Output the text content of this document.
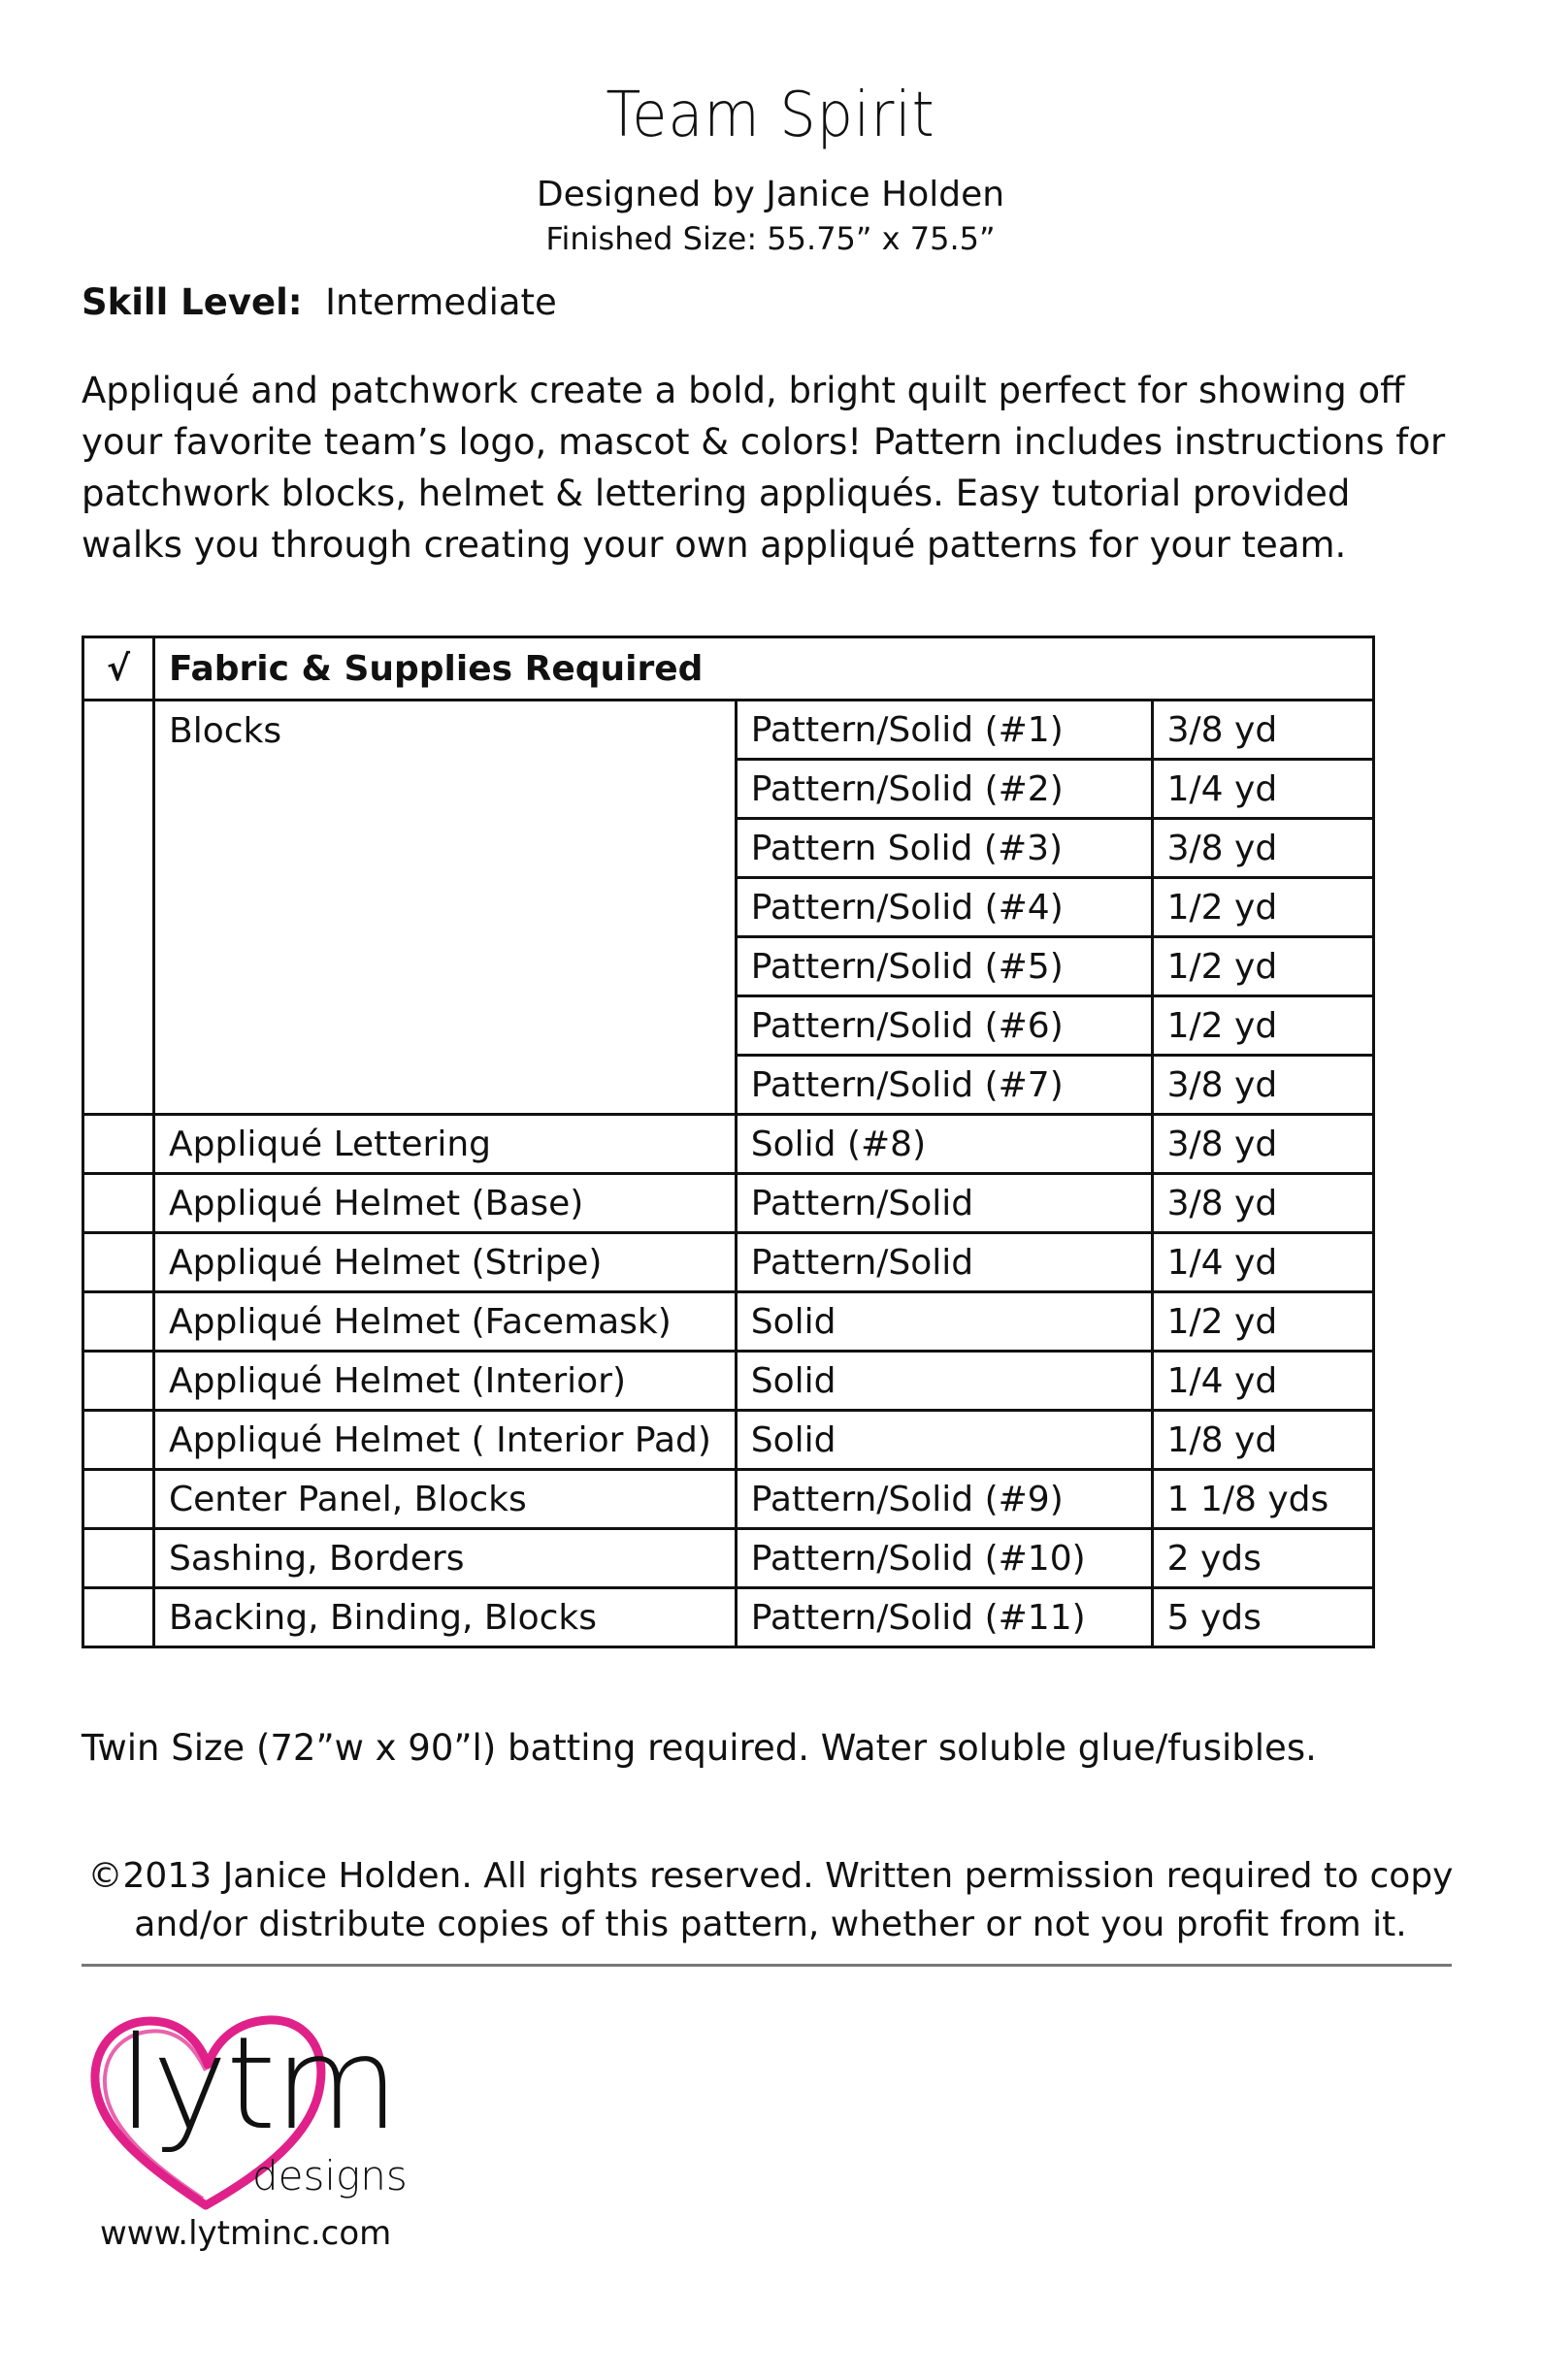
Team Spirit
Designed by Janice Holden
Finished Size: 55.75” x 75.5”
Skill Level: Intermediate
Appliqué and patchwork create a bold, bright quilt perfect for showing off your favorite team’s logo, mascot & colors! Pattern includes instructions for patchwork blocks, helmet & lettering appliqués. Easy tutorial provided walks you through creating your own appliqué patterns for your team.
√	Fabric & Supplies Required		
	Blocks	Pattern/Solid (#1)	3/8 yd
		Pattern/Solid (#2)	1/4 yd
		Pattern Solid (#3)	3/8 yd
		Pattern/Solid (#4)	1/2 yd
		Pattern/Solid (#5)	1/2 yd
		Pattern/Solid (#6)	1/2 yd
		Pattern/Solid (#7)	3/8 yd
	Appliqué Lettering	Solid (#8)	3/8 yd
	Appliqué Helmet (Base)	Pattern/Solid	3/8 yd
	Appliqué Helmet (Stripe)	Pattern/Solid	1/4 yd
	Appliqué Helmet (Facemask)	Solid	1/2 yd
	Appliqué Helmet (Interior)	Solid	1/4 yd
	Appliqué Helmet ( Interior Pad)	Solid	1/8 yd
	Center Panel, Blocks	Pattern/Solid (#9)	1 1/8 yds
	Sashing, Borders	Pattern/Solid (#10)	2 yds
	Backing, Binding, Blocks	Pattern/Solid (#11)	5 yds
Twin Size (72”w x 90”l) batting required. Water soluble glue/fusibles.
©2013 Janice Holden. All rights reserved. Written permission required to copy
and/or distribute copies of this pattern, whether or not you profit from it.
lytm
designs
www.lytminc.com
